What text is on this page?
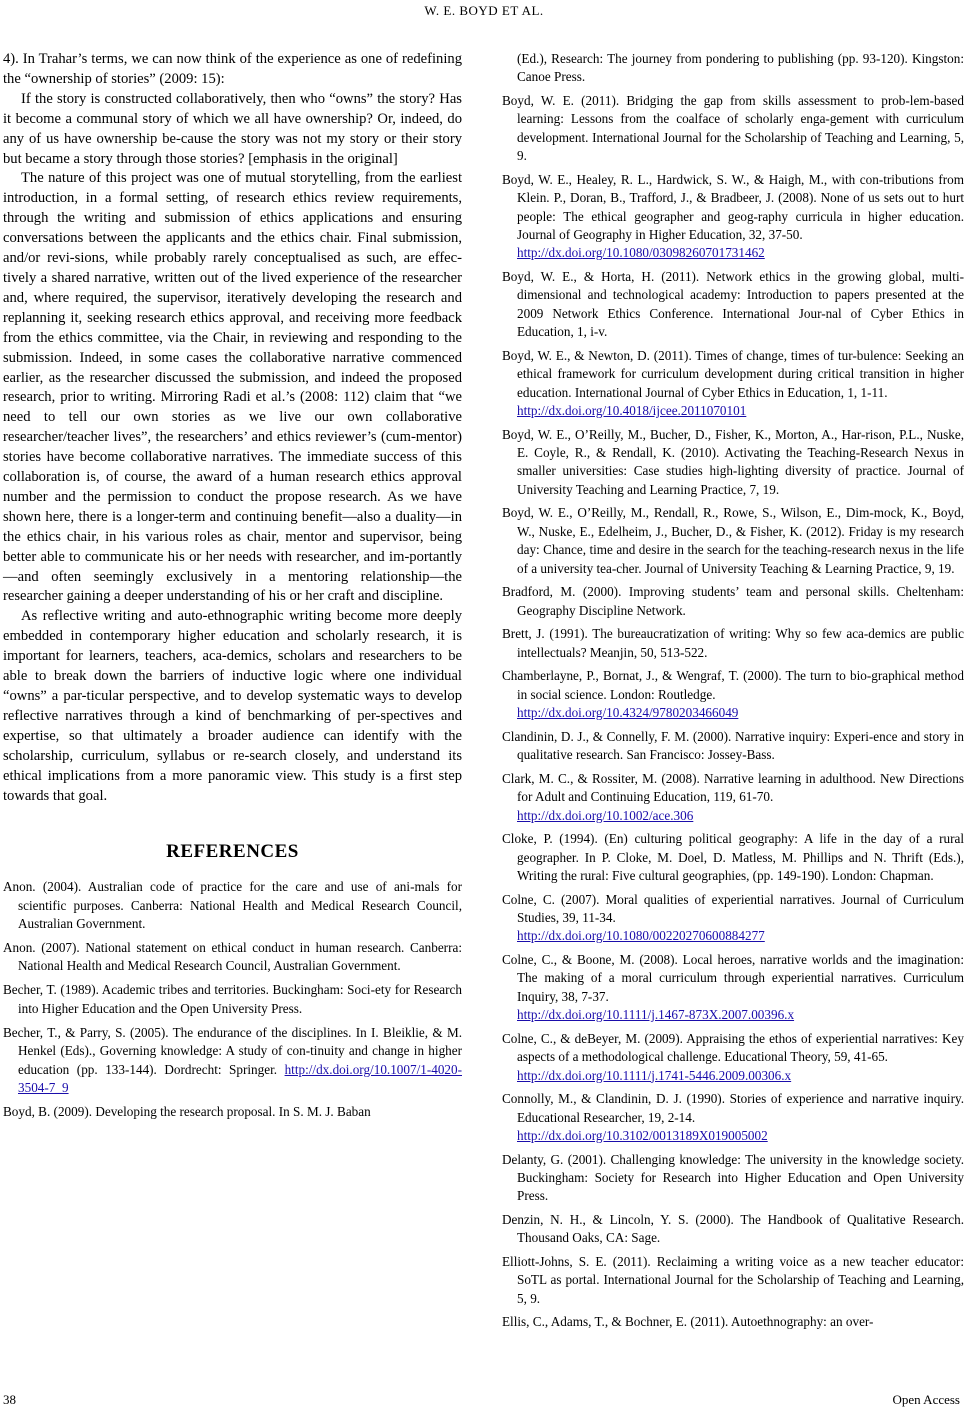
W. E. BOYD ET AL.

4). In Trahar’s terms, we can now think of the experience as one of redefining the “ownership of stories” (2009: 15):

If the story is constructed collaboratively, then who “owns” the story? Has it become a communal story of which we all have ownership? Or, indeed, do any of us have ownership be-cause the story was not my story or their story but became a story through those stories? [emphasis in the original]

The nature of this project was one of mutual storytelling, from the earliest introduction, in a formal setting, of research ethics review requirements, through the writing and submission of ethics applications and ensuring conversations between the applicants and the ethics chair. Final submission, and/or revi-sions, while probably rarely conceptualised as such, are effec-tively a shared narrative, written out of the lived experience of the researcher and, where required, the supervisor, iteratively developing the research and replanning it, seeking research ethics approval, and receiving more feedback from the ethics committee, via the Chair, in reviewing and responding to the submission. Indeed, in some cases the collaborative narrative commenced earlier, as the researcher discussed the submission, and indeed the proposed research, prior to writing. Mirroring Radi et al.’s (2008: 112) claim that “we need to tell our own stories as we live our own collaborative researcher/teacher lives”, the researchers’ and ethics reviewer’s (cum-mentor) stories have become collaborative narratives. The immediate success of this collaboration is, of course, the award of a human research ethics approval number and the permission to conduct the propose research. As we have shown here, there is a longer-term and continuing benefit—also a duality—in the ethics chair, in his various roles as chair, mentor and supervisor, being better able to communicate his or her needs with researcher, and im-portantly—and often seemingly exclusively in a mentoring relationship—the researcher gaining a deeper understanding of his or her craft and discipline.

As reflective writing and auto-ethnographic writing become more deeply embedded in contemporary higher education and scholarly research, it is important for learners, teachers, aca-demics, scholars and researchers to be able to break down the barriers of inductive logic where one individual “owns” a par-ticular perspective, and to develop systematic ways to develop reflective narratives through a kind of benchmarking of per-spectives and expertise, so that ultimately a broader audience can identify with the scholarship, curriculum, syllabus or re-search closely, and understand its ethical implications from a more panoramic view. This study is a first step towards that goal.

REFERENCES

Anon. (2004). Australian code of practice for the care and use of ani-mals for scientific purposes. Canberra: National Health and Medical Research Council, Australian Government.

Anon. (2007). National statement on ethical conduct in human research. Canberra: National Health and Medical Research Council, Australian Government.

Becher, T. (1989). Academic tribes and territories. Buckingham: Soci-ety for Research into Higher Education and the Open University Press.

Becher, T., & Parry, S. (2005). The endurance of the disciplines. In I. Bleiklie, & M. Henkel (Eds)., Governing knowledge: A study of con-tinuity and change in higher education (pp. 133-144). Dordrecht: Springer. http://dx.doi.org/10.1007/1-4020-3504-7_9

Boyd, B. (2009). Developing the research proposal. In S. M. J. Baban

(Ed.), Research: The journey from pondering to publishing (pp. 93-120). Kingston: Canoe Press.

Boyd, W. E. (2011). Bridging the gap from skills assessment to prob-lem-based learning: Lessons from the coalface of scholarly enga-gement with curriculum development. International Journal for the Scholarship of Teaching and Learning, 5, 9.

Boyd, W. E., Healey, R. L., Hardwick, S. W., & Haigh, M., with con-tributions from Klein. P., Doran, B., Trafford, J., & Bradbeer, J. (2008). None of us sets out to hurt people: The ethical geographer and geog-raphy curricula in higher education. Journal of Geography in Higher Education, 32, 37-50.
http://dx.doi.org/10.1080/03098260701731462

Boyd, W. E., & Horta, H. (2011). Network ethics in the growing global, multi-dimensional and technological academy: Introduction to papers presented at the 2009 Network Ethics Conference. International Jour-nal of Cyber Ethics in Education, 1, i-v.

Boyd, W. E., & Newton, D. (2011). Times of change, times of tur-bulence: Seeking an ethical framework for curriculum development during critical transition in higher education. International Journal of Cyber Ethics in Education, 1, 1-11.
http://dx.doi.org/10.4018/ijcee.2011070101

Boyd, W. E., O’Reilly, M., Bucher, D., Fisher, K., Morton, A., Har-rison, P.L., Nuske, E. Coyle, R., & Rendall, K. (2010). Activating the Teaching-Research Nexus in smaller universities: Case studies high-lighting diversity of practice. Journal of University Teaching and Learning Practice, 7, 19.

Boyd, W. E., O’Reilly, M., Rendall, R., Rowe, S., Wilson, E., Dim-mock, K., Boyd, W., Nuske, E., Edelheim, J., Bucher, D., & Fisher, K. (2012). Friday is my research day: Chance, time and desire in the search for the teaching-research nexus in the life of a university tea-cher. Journal of University Teaching & Learning Practice, 9, 19.

Bradford, M. (2000). Improving students’ team and personal skills. Cheltenham: Geography Discipline Network.

Brett, J. (1991). The bureaucratization of writing: Why so few aca-demics are public intellectuals? Meanjin, 50, 513-522.

Chamberlayne, P., Bornat, J., & Wengraf, T. (2000). The turn to bio-graphical method in social science. London: Routledge.
http://dx.doi.org/10.4324/9780203466049

Clandinin, D. J., & Connelly, F. M. (2000). Narrative inquiry: Experi-ence and story in qualitative research. San Francisco: Jossey-Bass.

Clark, M. C., & Rossiter, M. (2008). Narrative learning in adulthood. New Directions for Adult and Continuing Education, 119, 61-70.
http://dx.doi.org/10.1002/ace.306

Cloke, P. (1994). (En) culturing political geography: A life in the day of a rural geographer. In P. Cloke, M. Doel, D. Matless, M. Phillips and N. Thrift (Eds.), Writing the rural: Five cultural geographies, (pp. 149-190). London: Chapman.

Colne, C. (2007). Moral qualities of experiential narratives. Journal of Curriculum Studies, 39, 11-34.
http://dx.doi.org/10.1080/00220270600884277

Colne, C., & Boone, M. (2008). Local heroes, narrative worlds and the imagination: The making of a moral curriculum through experiential narratives. Curriculum Inquiry, 38, 7-37.
http://dx.doi.org/10.1111/j.1467-873X.2007.00396.x

Colne, C., & deBeyer, M. (2009). Appraising the ethos of experiential narratives: Key aspects of a methodological challenge. Educational Theory, 59, 41-65.
http://dx.doi.org/10.1111/j.1741-5446.2009.00306.x

Connolly, M., & Clandinin, D. J. (1990). Stories of experience and narrative inquiry. Educational Researcher, 19, 2-14.
http://dx.doi.org/10.3102/0013189X019005002

Delanty, G. (2001). Challenging knowledge: The university in the knowledge society. Buckingham: Society for Research into Higher Education and Open University Press.

Denzin, N. H., & Lincoln, Y. S. (2000). The Handbook of Qualitative Research. Thousand Oaks, CA: Sage.

Elliott-Johns, S. E. (2011). Reclaiming a writing voice as a new teacher educator: SoTL as portal. International Journal for the Scholarship of Teaching and Learning, 5, 9.

Ellis, C., Adams, T., & Bochner, E. (2011). Autoethnography: an over-

38	Open Access
